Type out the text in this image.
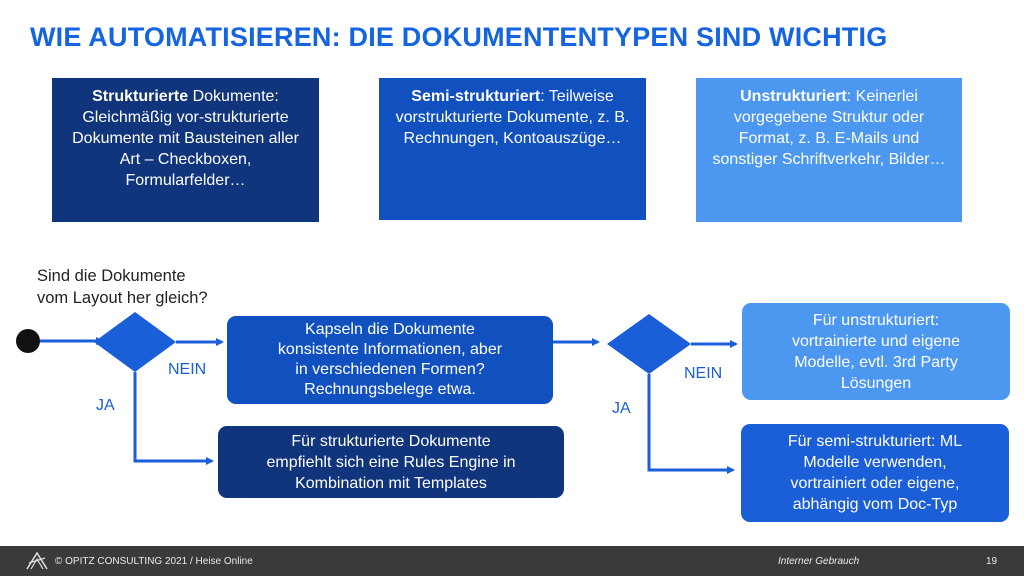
WIE AUTOMATISIEREN: DIE DOKUMENTENTYPEN SIND WICHTIG
Strukturierte Dokumente: Gleichmäßig vor-strukturierte Dokumente mit Bausteinen aller Art – Checkboxen, Formularfelder…
Semi-strukturiert: Teilweise vorstrukturierte Dokumente, z. B. Rechnungen, Kontoauszüge…
Unstrukturiert: Keinerlei vorgegebene Struktur oder Format, z. B. E-Mails und sonstiger Schriftverkehr, Bilder…
Sind die Dokumente
vom Layout her gleich?
NEIN
JA
NEIN
JA
Kapseln die Dokumente
konsistente Informationen, aber
in verschiedenen Formen?
Rechnungsbelege etwa.
Für strukturierte Dokumente
empfiehlt sich eine Rules Engine in
Kombination mit Templates
Für unstrukturiert:
vortrainierte und eigene
Modelle, evtl. 3rd Party
Lösungen
Für semi-strukturiert: ML
Modelle verwenden,
vortrainiert oder eigene,
abhängig vom Doc-Typ
© OPITZ CONSULTING 2021 / Heise Online	Interner Gebrauch	19
